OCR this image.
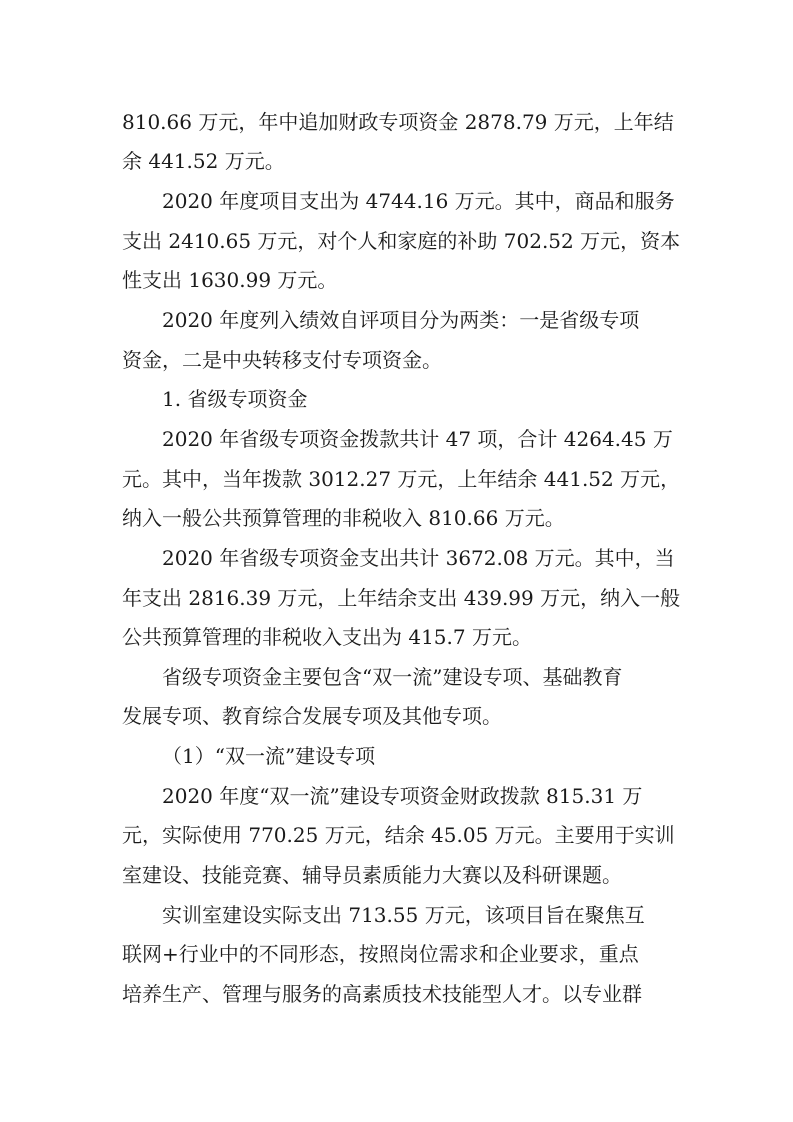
810.66 万元，年中追加财政专项资金 2878.79 万元，上年结
余 441.52 万元。
2020 年度项目支出为 4744.16 万元。其中，商品和服务
支出 2410.65 万元，对个人和家庭的补助 702.52 万元，资本
性支出 1630.99 万元。
2020 年度列入绩效自评项目分为两类：一是省级专项
资金，二是中央转移支付专项资金。
1. 省级专项资金
2020 年省级专项资金拨款共计 47 项，合计 4264.45 万
元。其中，当年拨款 3012.27 万元，上年结余 441.52 万元，
纳入一般公共预算管理的非税收入 810.66 万元。
2020 年省级专项资金支出共计 3672.08 万元。其中，当
年支出 2816.39 万元，上年结余支出 439.99 万元，纳入一般
公共预算管理的非税收入支出为 415.7 万元。
省级专项资金主要包含“双一流”建设专项、基础教育
发展专项、教育综合发展专项及其他专项。
（1）“双一流”建设专项
2020 年度“双一流”建设专项资金财政拨款 815.31 万
元，实际使用 770.25 万元，结余 45.05 万元。主要用于实训
室建设、技能竞赛、辅导员素质能力大赛以及科研课题。
实训室建设实际支出 713.55 万元，该项目旨在聚焦互
联网+行业中的不同形态，按照岗位需求和企业要求，重点
培养生产、管理与服务的高素质技术技能型人才。以专业群
